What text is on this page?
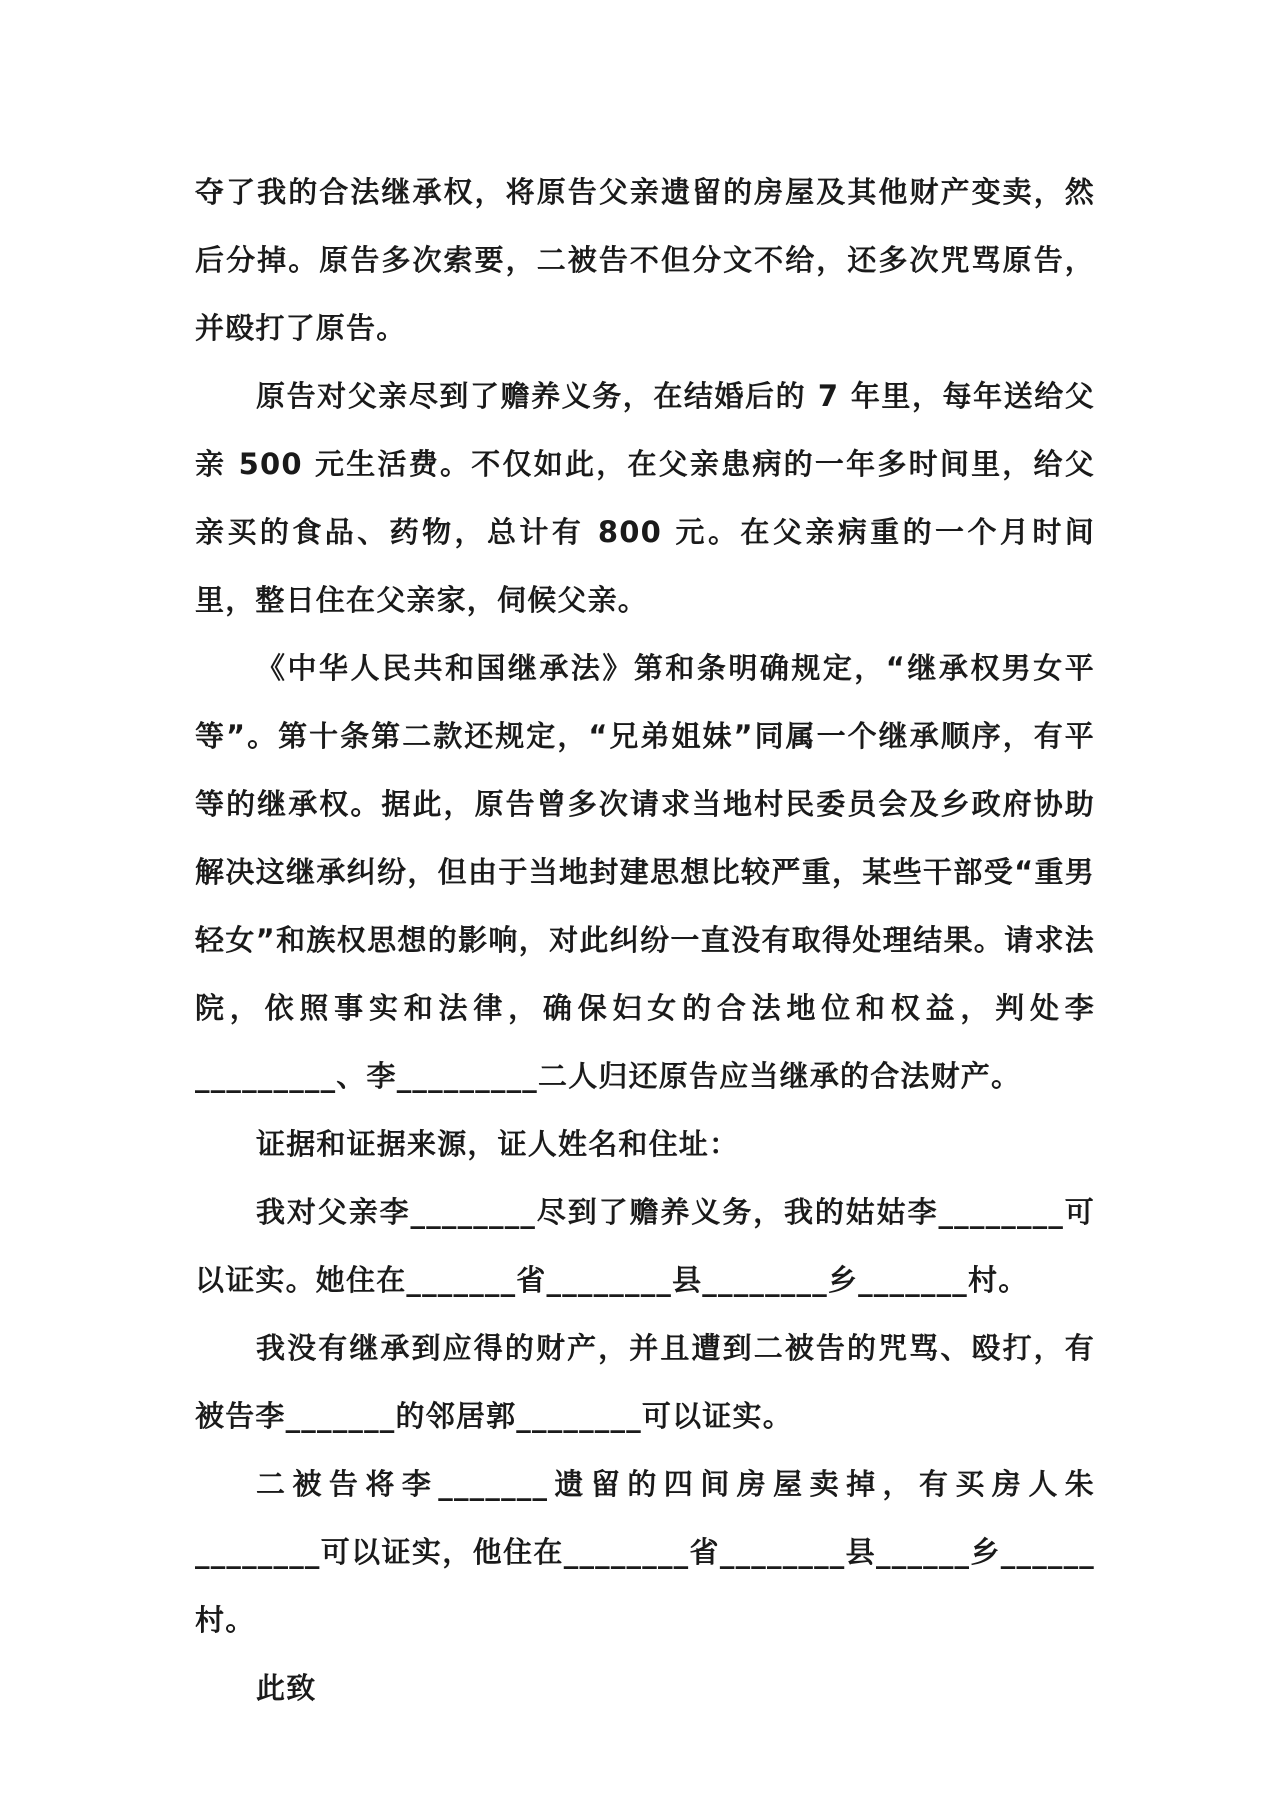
夺了我的合法继承权，将原告父亲遗留的房屋及其他财产变卖，然后分掉。原告多次索要，二被告不但分文不给，还多次咒骂原告，并殴打了原告。

原告对父亲尽到了赡养义务，在结婚后的 7 年里，每年送给父亲 500 元生活费。不仅如此，在父亲患病的一年多时间里，给父亲买的食品、药物，总计有 800 元。在父亲病重的一个月时间里，整日住在父亲家，伺候父亲。

《中华人民共和国继承法》第和条明确规定，“继承权男女平等”。第十条第二款还规定，“兄弟姐妹”同属一个继承顺序，有平等的继承权。据此，原告曾多次请求当地村民委员会及乡政府协助解决这继承纠纷，但由于当地封建思想比较严重，某些干部受“重男轻女”和族权思想的影响，对此纠纷一直没有取得处理结果。请求法院，依照事实和法律，确保妇女的合法地位和权益，判处李_________、李_________二人归还原告应当继承的合法财产。

证据和证据来源，证人姓名和住址：

我对父亲李________尽到了赡养义务，我的姑姑李________可以证实。她住在_______省________县________乡_______村。

我没有继承到应得的财产，并且遭到二被告的咒骂、殴打，有被告李_______的邻居郭________可以证实。

二被告将李_______遗留的四间房屋卖掉，有买房人朱________可以证实，他住在________省________县______乡______村。

此致
